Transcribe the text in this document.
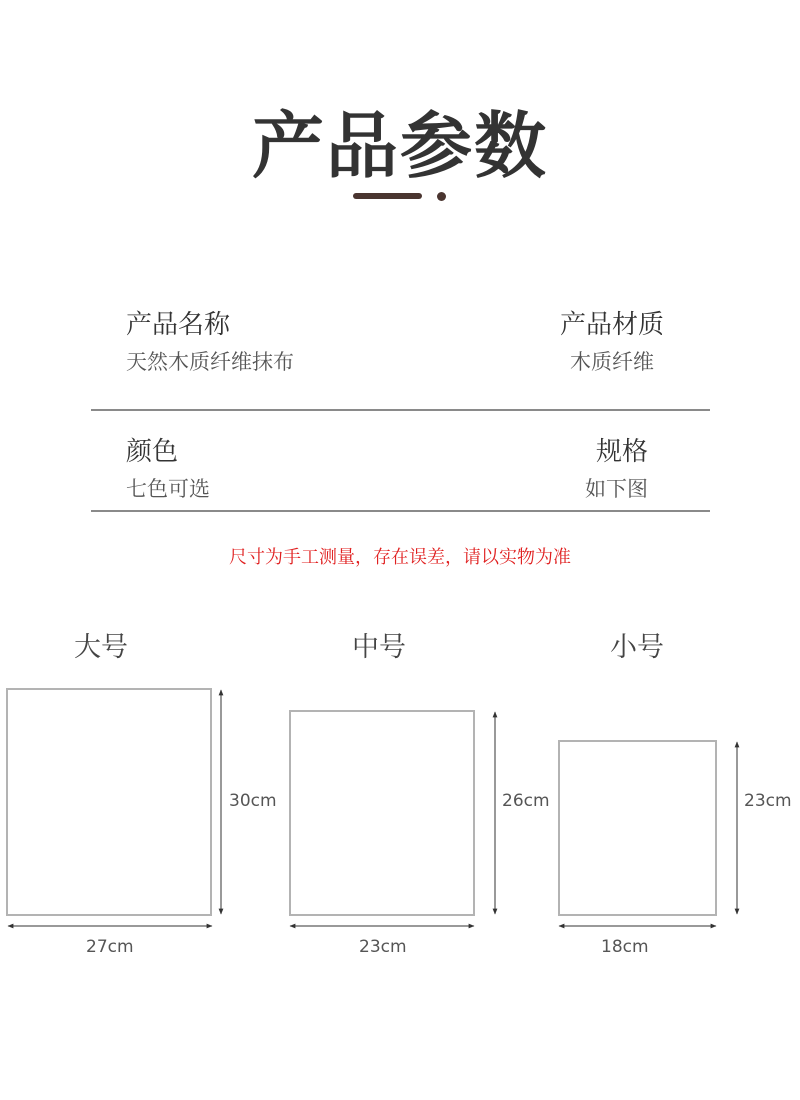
产品参数
产品名称
天然木质纤维抹布
产品材质
木质纤维
颜色
七色可选
规格
如下图
尺寸为手工测量，存在误差，请以实物为准
大号	中号	小号
30cm
27cm
26cm
23cm
23cm
18cm
